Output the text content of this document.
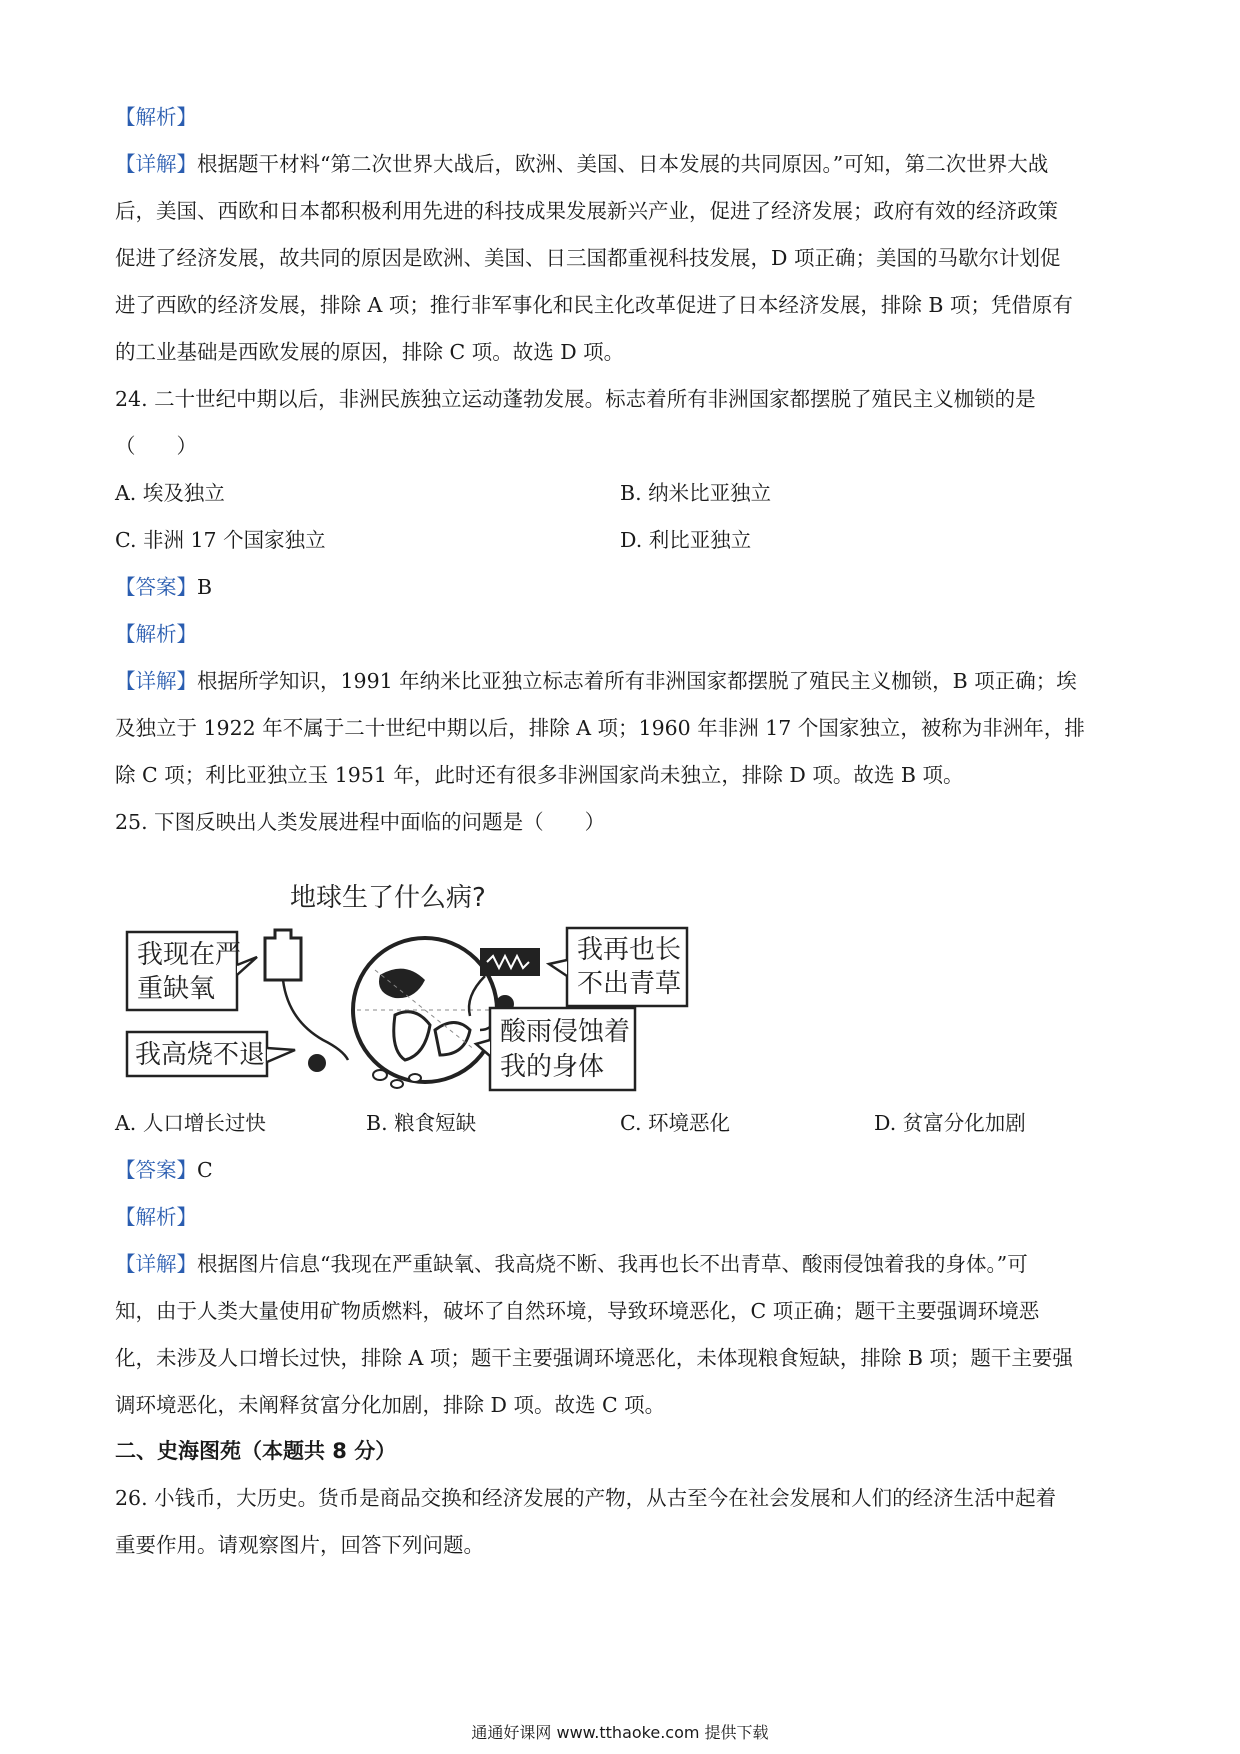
【解析】
【详解】根据题干材料“第二次世界大战后，欧洲、美国、日本发展的共同原因。”可知，第二次世界大战
后，美国、西欧和日本都积极利用先进的科技成果发展新兴产业，促进了经济发展；政府有效的经济政策
促进了经济发展，故共同的原因是欧洲、美国、日三国都重视科技发展，D 项正确；美国的马歇尔计划促
进了西欧的经济发展，排除 A 项；推行非军事化和民主化改革促进了日本经济发展，排除 B 项；凭借原有
的工业基础是西欧发展的原因，排除 C 项。故选 D 项。
24. 二十世纪中期以后，非洲民族独立运动蓬勃发展。标志着所有非洲国家都摆脱了殖民主义枷锁的是
（　　）
A. 埃及独立	B. 纳米比亚独立
C. 非洲 17 个国家独立	D. 利比亚独立
【答案】B
【解析】
【详解】根据所学知识，1991 年纳米比亚独立标志着所有非洲国家都摆脱了殖民主义枷锁，B 项正确；埃
及独立于 1922 年不属于二十世纪中期以后，排除 A 项；1960 年非洲 17 个国家独立，被称为非洲年，排
除 C 项；利比亚独立玉 1951 年，此时还有很多非洲国家尚未独立，排除 D 项。故选 B 项。
25. 下图反映出人类发展进程中面临的问题是（　　）
地球生了什么病?
我现在严
重缺氧
我高烧不退
我再也长
不出青草
酸雨侵蚀着
我的身体
A. 人口增长过快	B. 粮食短缺	C. 环境恶化	D. 贫富分化加剧
【答案】C
【解析】
【详解】根据图片信息“我现在严重缺氧、我高烧不断、我再也长不出青草、酸雨侵蚀着我的身体。”可
知，由于人类大量使用矿物质燃料，破坏了自然环境，导致环境恶化，C 项正确；题干主要强调环境恶
化，未涉及人口增长过快，排除 A 项；题干主要强调环境恶化，未体现粮食短缺，排除 B 项；题干主要强
调环境恶化，未阐释贫富分化加剧，排除 D 项。故选 C 项。
二、史海图苑（本题共 8 分）
26. 小钱币，大历史。货币是商品交换和经济发展的产物，从古至今在社会发展和人们的经济生活中起着
重要作用。请观察图片，回答下列问题。
通通好课网 www.tthaoke.com 提供下载
